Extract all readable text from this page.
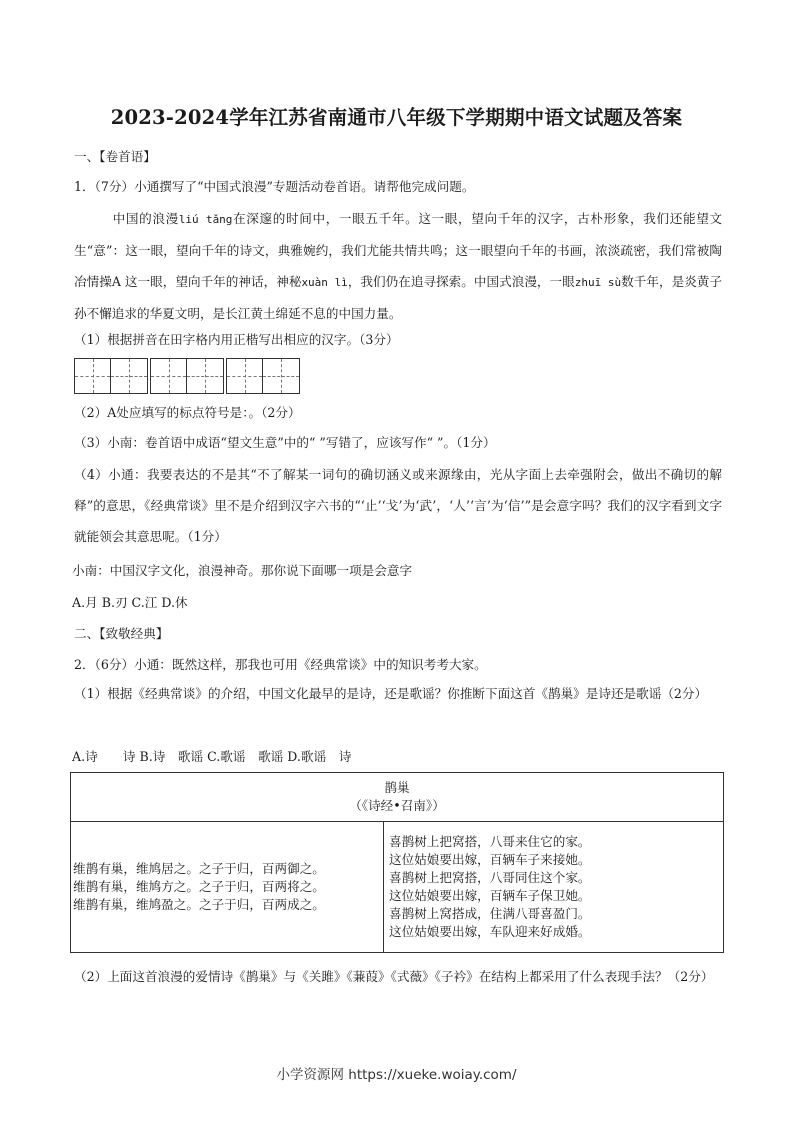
2023-2024学年江苏省南通市八年级下学期期中语文试题及答案
一、【卷首语】
1．（7分）小通撰写了“中国式浪漫”专题活动卷首语。请帮他完成问题。
中国的浪漫liú tǎng在深邃的时间中，一眼五千年。这一眼，望向千年的汉字，古朴形象，我们还能望文生“意”：这一眼，望向千年的诗文，典雅婉约，我们尤能共情共鸣；这一眼望向千年的书画，浓淡疏密，我们常被陶冶情操A 这一眼，望向千年的神话，神秘xuàn lì，我们仍在追寻探索。中国式浪漫，一眼zhuī sù数千年，是炎黄子孙不懈追求的华夏文明，是长江黄土绵延不息的中国力量。
（1）根据拼音在田字格内用正楷写出相应的汉字。（3分）
（2）A处应填写的标点符号是：。（2分）
（3）小南：卷首语中成语“望文生意”中的“ ”写错了，应该写作“ ”。（1分）
（4）小通：我要表达的不是其“不了解某一词句的确切涵义或来源缘由，光从字面上去牵强附会，做出不确切的解释”的意思，《经典常谈》里不是介绍到汉字六书的“‘止’‘戈’为‘武’，‘人’‘言’为‘信’”是会意字吗？我们的汉字看到文字就能领会其意思呢。（1分）
小南：中国汉字文化，浪漫神奇。那你说下面哪一项是会意字
A.月 B.刃 C.江 D.休
二、【致敬经典】
2．（6分）小通：既然这样，那我也可用《经典常谈》中的知识考考大家。
（1）根据《经典常谈》的介绍，中国文化最早的是诗，还是歌谣？你推断下面这首《鹊巢》是诗还是歌谣（2分）
A.诗　　诗 B.诗　歌谣 C.歌谣　歌谣 D.歌谣　诗
鹊巢
（《诗经•召南》）

维鹊有巢，维鸠居之。之子于归，百两御之。
维鹊有巢，维鸠方之。之子于归，百两将之。
维鹊有巢，维鸠盈之。之子于归，百两成之。

喜鹊树上把窝搭，八哥来住它的家。
这位姑娘要出嫁，百辆车子来接她。
喜鹊树上把窝搭，八哥同住这个家。
这位姑娘要出嫁，百辆车子保卫她。
喜鹊树上窝搭成，住满八哥喜盈门。
这位姑娘要出嫁，车队迎来好成婚。
（2）上面这首浪漫的爱情诗《鹊巢》与《关雎》《蒹葭》《式薇》《子衿》在结构上都采用了什么表现手法？（2分）
小学资源网 https://xueke.woiay.com/
